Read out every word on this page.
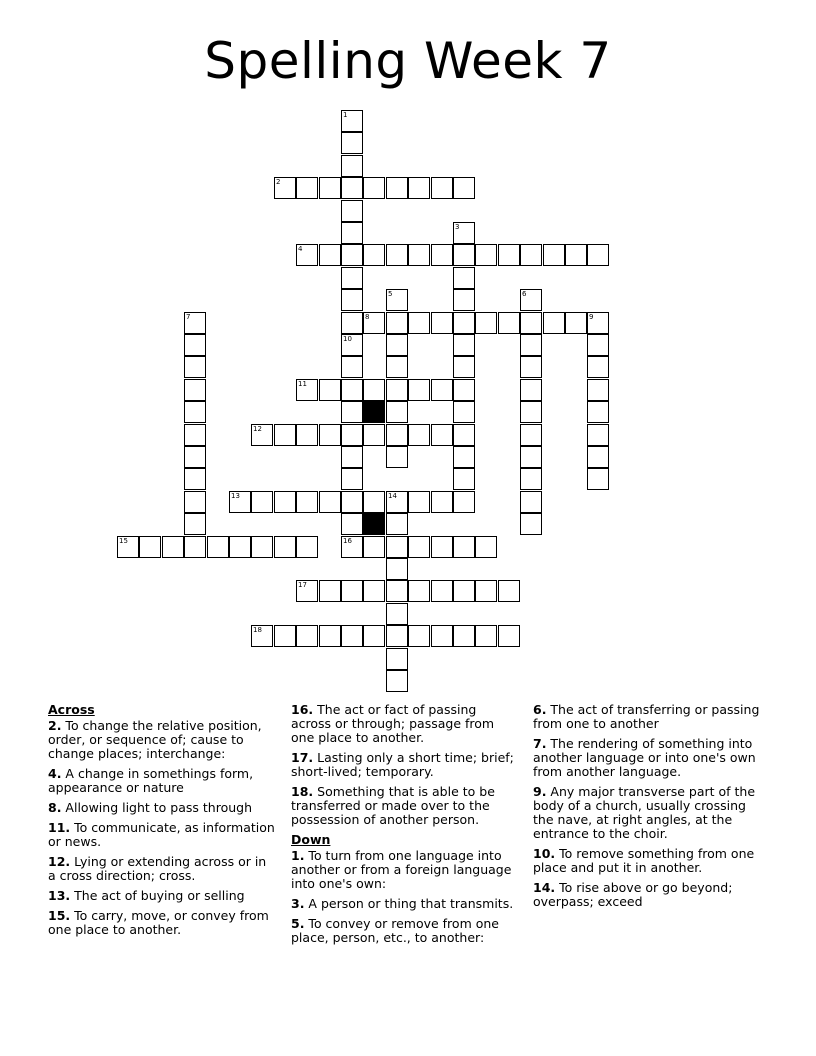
Spelling Week 7
2
4
8	9
11
12
13	14
15	16
17
18
1
10
3
5	6
7
Across
2. To change the relative position, order, or sequence of; cause to change places; interchange:
4. A change in somethings form, appearance or nature
8. Allowing light to pass through
11. To communicate, as information or news.
12. Lying or extending across or in a cross direction; cross.
13. The act of buying or selling
15. To carry, move, or convey from one place to another.
16. The act or fact of passing across or through; passage from one place to another.
17. Lasting only a short time; brief; short-lived; temporary.
18. Something that is able to be transferred or made over to the possession of another person.
Down
1. To turn from one language into another or from a foreign language into one's own:
3. A person or thing that transmits.
5. To convey or remove from one place, person, etc., to another:
6. The act of transferring or passing from one to another
7. The rendering of something into another language or into one's own from another language.
9. Any major transverse part of the body of a church, usually crossing the nave, at right angles, at the entrance to the choir.
10. To remove something from one place and put it in another.
14. To rise above or go beyond; overpass; exceed
